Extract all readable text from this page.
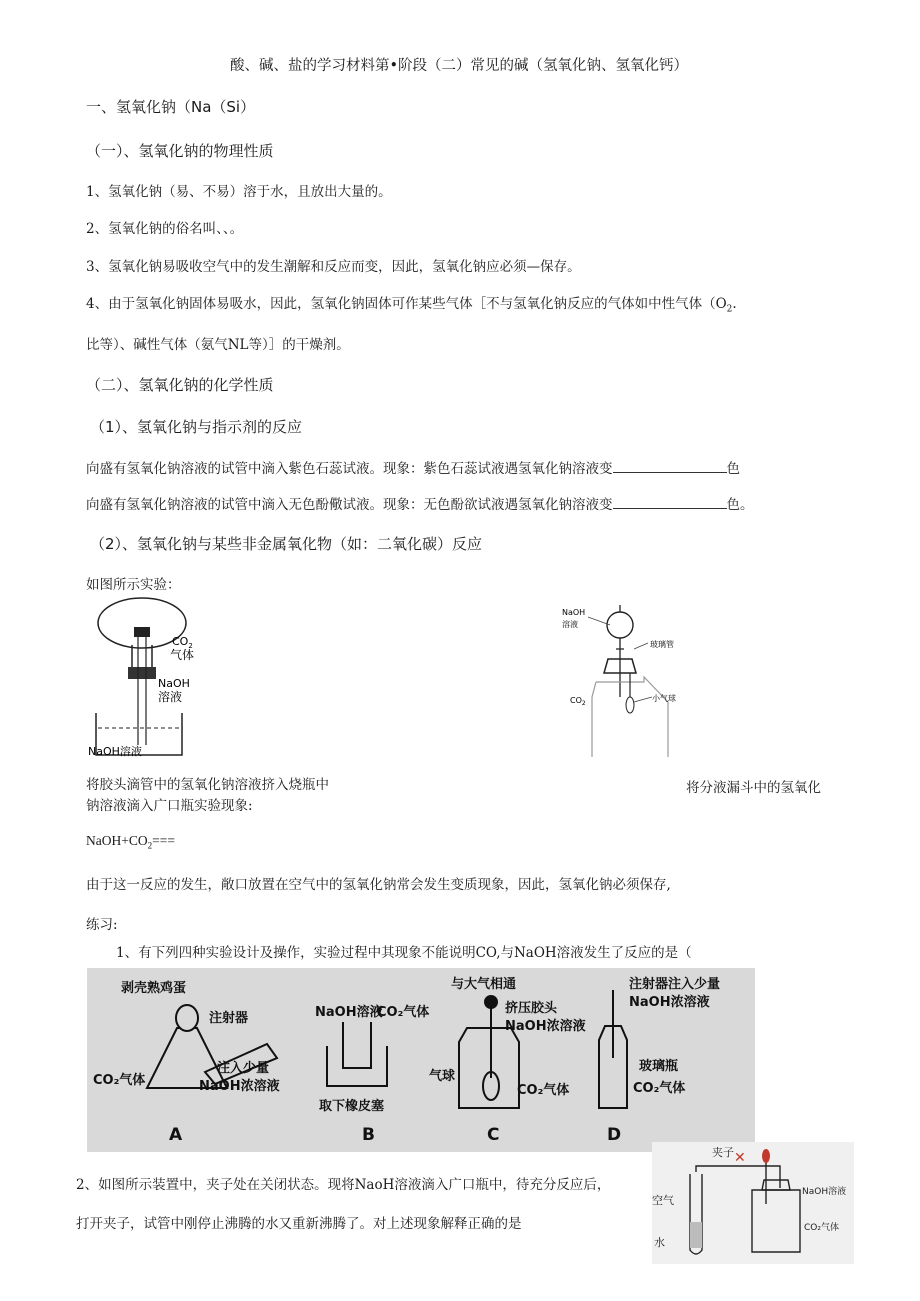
酸、碱、盐的学习材料第•阶段（二）常见的碱（氢氧化钠、氢氧化钙）
一、氢氧化钠（Na（Si）
（一）、氢氧化钠的物理性质
1、氢氧化钠（易、不易）溶于水，且放出大量的。
2、氢氧化钠的俗名叫、、。
3、氢氧化钠易吸收空气中的发生潮解和反应而变，因此，氢氧化钠应必须—保存。
4、由于氢氧化钠固体易吸水，因此，氢氧化钠固体可作某些气体［不与氢氧化钠反应的气体如中性气体（$O_2$.
比等）、碱性气体（氨气NL等）］的干燥剂。
（二）、氢氧化钠的化学性质
（1）、氢氧化钠与指示剂的反应
向盛有氢氧化钠溶液的试管中滴入紫色石蕊试液。现象：紫色石蕊试液遇氢氧化钠溶液变	色
向盛有氢氧化钠溶液的试管中滴入无色酚儆试液。现象：无色酚欲试液遇氢氧化钠溶液变	色。
（2）、氢氧化钠与某些非金属氧化物（如：二氧化碳）反应
如图所示实验：
$CO_2$
气体
NaOH
溶液
NaOH溶液
NaOH
溶液
玻璃管
$CO_2$
小气球
将胶头滴管中的氢氧化钠溶液挤入烧瓶中	将分液漏斗中的氢氧化
钠溶液滴入广口瓶实验现象:
$NaOH+CO_2===$
由于这一反应的发生，敞口放置在空气中的氢氧化钠常会发生变质现象，因此，氢氧化钠必须保存,
练习:
1、有下列四种实验设计及操作，实验过程中其现象不能说明CO,与NaOH溶液发生了反应的是（
剥壳熟鸡蛋
注射器
CO₂气体
注入少量
NaOH浓溶液
NaOH溶液
CO₂气体
取下橡皮塞
与大气相通
挤压胶头
NaOH浓溶液
气球
CO₂气体
注射器注入少量
NaOH浓溶液
玻璃瓶
CO₂气体
A	B	C	D
2、如图所示装置中，夹子处在关闭状态。现将NaoH溶液滴入广口瓶中，待充分反应后，
打开夹子，试管中刚停止沸腾的水又重新沸腾了。对上述现象解释正确的是
✕
夹子
空气
水
NaOH溶液
CO₂气体
